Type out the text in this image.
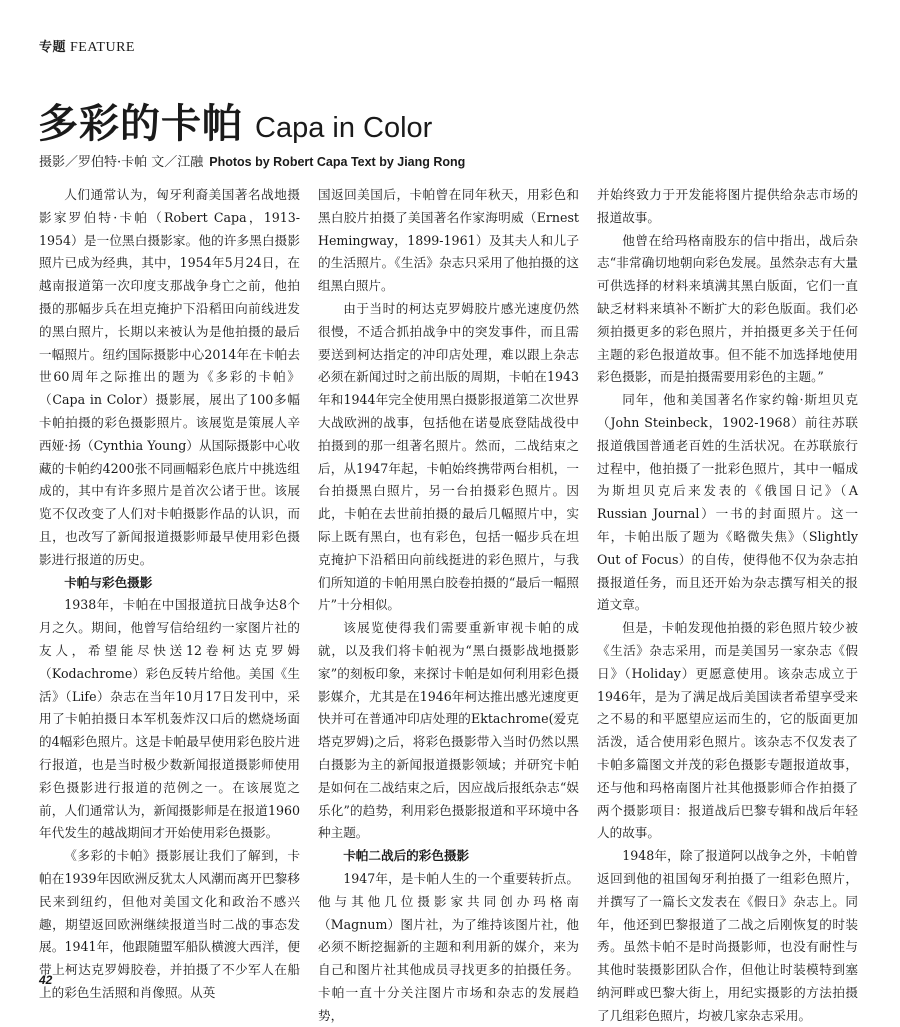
专题 FEATURE
多彩的卡帕 Capa in Color
摄影／罗伯特·卡帕 文／江融 Photos by Robert Capa Text by Jiang Rong

人们通常认为，匈牙利裔美国著名战地摄影家罗伯特·卡帕（Robert Capa，1913-1954）是一位黑白摄影家。他的许多黑白摄影照片已成为经典，其中，1954年5月24日，在越南报道第一次印度支那战争身亡之前，他拍摄的那幅步兵在坦克掩护下沿稻田向前线进发的黑白照片，长期以来被认为是他拍摄的最后一幅照片。纽约国际摄影中心2014年在卡帕去世60周年之际推出的题为《多彩的卡帕》（Capa in Color）摄影展，展出了100多幅卡帕拍摄的彩色摄影照片。该展览是策展人辛西娅·扬（Cynthia Young）从国际摄影中心收藏的卡帕约4200张不同画幅彩色底片中挑选组成的，其中有许多照片是首次公诸于世。该展览不仅改变了人们对卡帕摄影作品的认识，而且，也改写了新闻报道摄影师最早使用彩色摄影进行报道的历史。

卡帕与彩色摄影

1938年，卡帕在中国报道抗日战争达8个月之久。期间，他曾写信给纽约一家图片社的友人，希望能尽快送12卷柯达克罗姆（Kodachrome）彩色反转片给他。美国《生活》（Life）杂志在当年10月17日发刊中，采用了卡帕拍摄日本军机轰炸汉口后的燃烧场面的4幅彩色照片。这是卡帕最早使用彩色胶片进行报道，也是当时极少数新闻报道摄影师使用彩色摄影进行报道的范例之一。在该展览之前，人们通常认为，新闻摄影师是在报道1960年代发生的越战期间才开始使用彩色摄影。

《多彩的卡帕》摄影展让我们了解到，卡帕在1939年因欧洲反犹太人风潮而离开巴黎移民来到纽约，但他对美国文化和政治不感兴趣，期望返回欧洲继续报道当时二战的事态发展。1941年，他跟随盟军船队横渡大西洋，便带上柯达克罗姆胶卷，并拍摄了不少军人在船上的彩色生活照和肖像照。从英

国返回美国后，卡帕曾在同年秋天，用彩色和黑白胶片拍摄了美国著名作家海明威（Ernest Hemingway，1899-1961）及其夫人和儿子的生活照片。《生活》杂志只采用了他拍摄的这组黑白照片。

由于当时的柯达克罗姆胶片感光速度仍然很慢，不适合抓拍战争中的突发事件，而且需要送到柯达指定的冲印店处理，难以跟上杂志必须在新闻过时之前出版的周期，卡帕在1943年和1944年完全使用黑白摄影报道第二次世界大战欧洲的战事，包括他在诺曼底登陆战役中拍摄到的那一组著名照片。然而，二战结束之后，从1947年起，卡帕始终携带两台相机，一台拍摄黑白照片，另一台拍摄彩色照片。因此，卡帕在去世前拍摄的最后几幅照片中，实际上既有黑白，也有彩色，包括一幅步兵在坦克掩护下沿稻田向前线挺进的彩色照片，与我们所知道的卡帕用黑白胶卷拍摄的“最后一幅照片”十分相似。

该展览使得我们需要重新审视卡帕的成就，以及我们将卡帕视为“黑白摄影战地摄影家”的刻板印象，来探讨卡帕是如何利用彩色摄影媒介，尤其是在1946年柯达推出感光速度更快并可在普通冲印店处理的Ektachrome(爱克塔克罗姆)之后，将彩色摄影带入当时仍然以黑白摄影为主的新闻报道摄影领域；并研究卡帕是如何在二战结束之后，因应战后报纸杂志“娱乐化”的趋势，利用彩色摄影报道和平环境中各种主题。

卡帕二战后的彩色摄影

1947年，是卡帕人生的一个重要转折点。他与其他几位摄影家共同创办玛格南（Magnum）图片社，为了维持该图片社，他必须不断挖掘新的主题和利用新的媒介，来为自己和图片社其他成员寻找更多的拍摄任务。卡帕一直十分关注图片市场和杂志的发展趋势，

并始终致力于开发能将图片提供给杂志市场的报道故事。

他曾在给玛格南股东的信中指出，战后杂志“非常确切地朝向彩色发展。虽然杂志有大量可供选择的材料来填满其黑白版面，它们一直缺乏材料来填补不断扩大的彩色版面。我们必须拍摄更多的彩色照片，并拍摄更多关于任何主题的彩色报道故事。但不能不加选择地使用彩色摄影，而是拍摄需要用彩色的主题。”

同年，他和美国著名作家约翰·斯坦贝克（John Steinbeck，1902-1968）前往苏联报道俄国普通老百姓的生活状况。在苏联旅行过程中，他拍摄了一批彩色照片，其中一幅成为斯坦贝克后来发表的《俄国日记》（A Russian Journal）一书的封面照片。这一年，卡帕出版了题为《略微失焦》（Slightly Out of Focus）的自传，使得他不仅为杂志拍摄报道任务，而且还开始为杂志撰写相关的报道文章。

但是，卡帕发现他拍摄的彩色照片较少被《生活》杂志采用，而是美国另一家杂志《假日》（Holiday）更愿意使用。该杂志成立于1946年，是为了满足战后美国读者希望享受来之不易的和平愿望应运而生的，它的版面更加活泼，适合使用彩色照片。该杂志不仅发表了卡帕多篇图文并茂的彩色摄影专题报道故事，还与他和玛格南图片社其他摄影师合作拍摄了两个摄影项目：报道战后巴黎专辑和战后年轻人的故事。

1948年，除了报道阿以战争之外，卡帕曾返回到他的祖国匈牙利拍摄了一组彩色照片，并撰写了一篇长文发表在《假日》杂志上。同年，他还到巴黎报道了二战之后刚恢复的时装秀。虽然卡帕不是时尚摄影师，也没有耐性与其他时装摄影团队合作，但他让时装模特到塞纳河畔或巴黎大街上，用纪实摄影的方法拍摄了几组彩色照片，均被几家杂志采用。

42
